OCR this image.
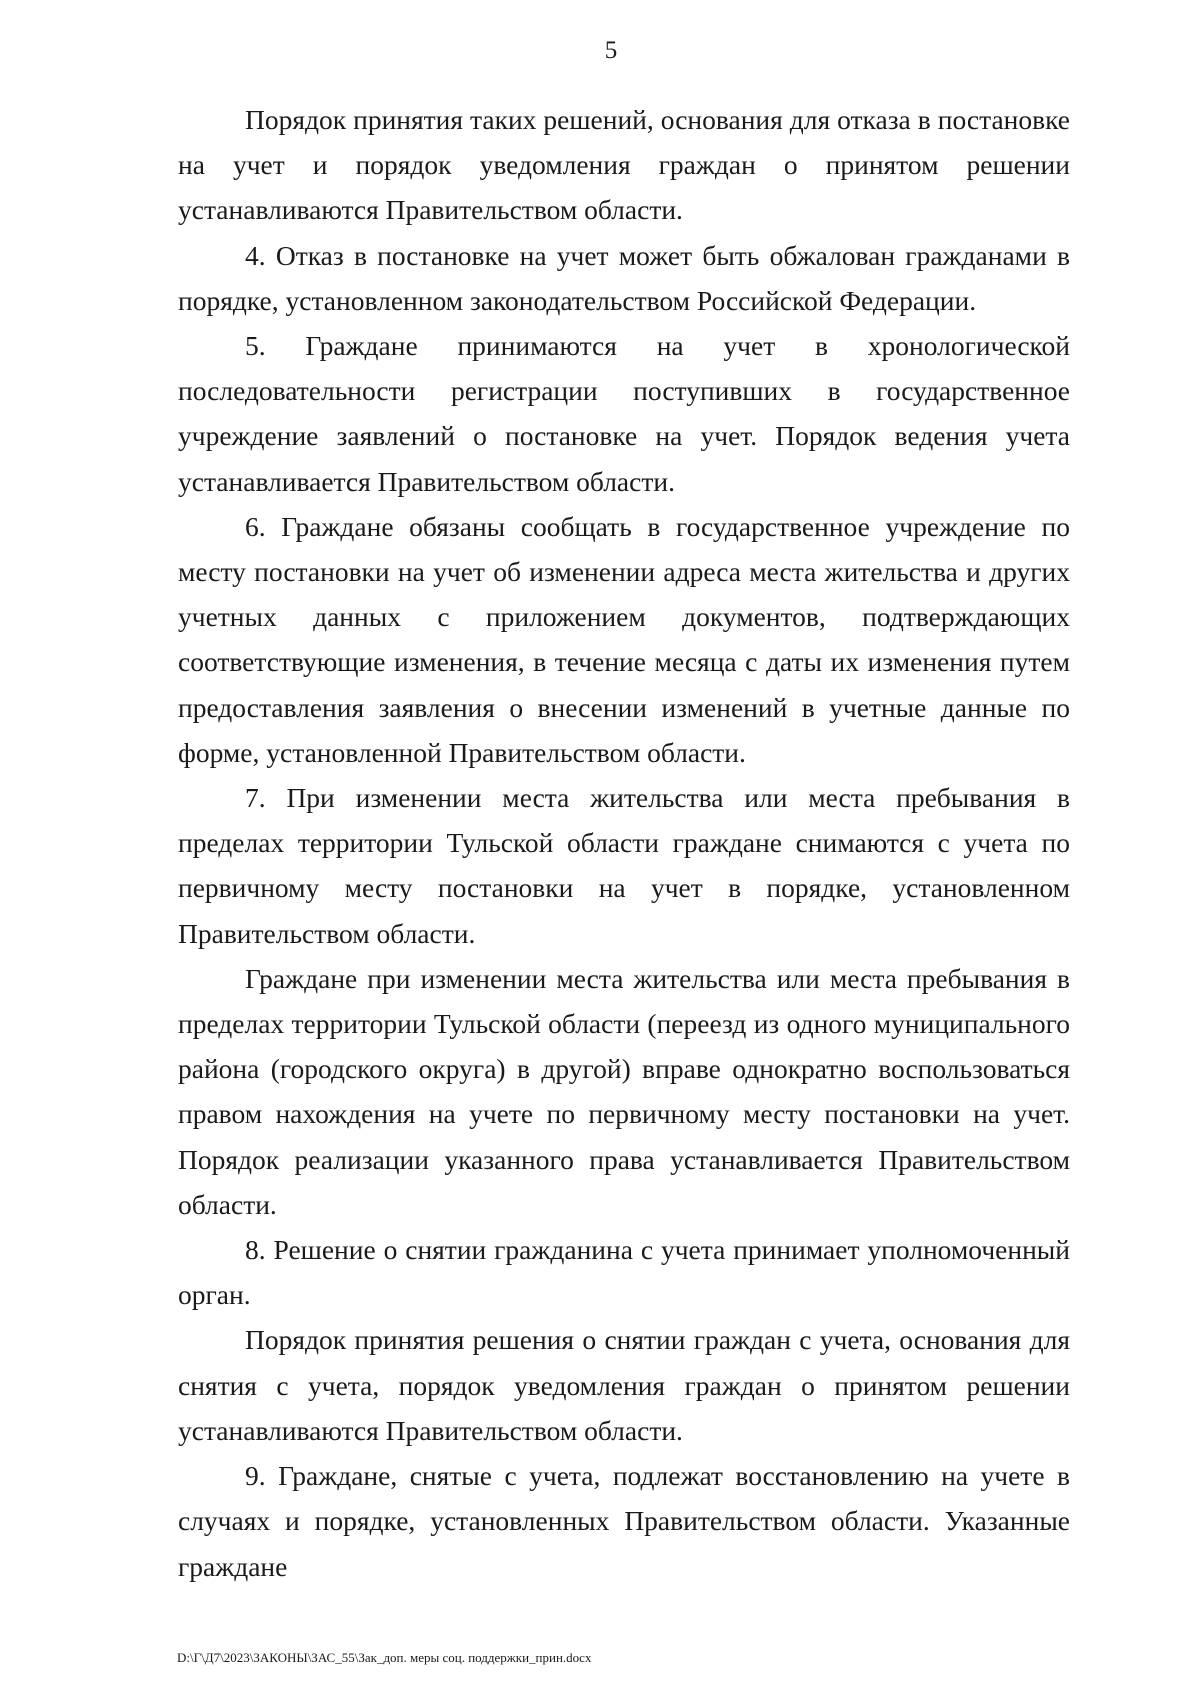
5

Порядок принятия таких решений, основания для отказа в постановке на учет и порядок уведомления граждан о принятом решении устанавливаются Правительством области.

4. Отказ в постановке на учет может быть обжалован гражданами в порядке, установленном законодательством Российской Федерации.

5. Граждане принимаются на учет в хронологической последовательности регистрации поступивших в государственное учреждение заявлений о постановке на учет. Порядок ведения учета устанавливается Правительством области.

6. Граждане обязаны сообщать в государственное учреждение по месту постановки на учет об изменении адреса места жительства и других учетных данных с приложением документов, подтверждающих соответствующие изменения, в течение месяца с даты их изменения путем предоставления заявления о внесении изменений в учетные данные по форме, установленной Правительством области.

7. При изменении места жительства или места пребывания в пределах территории Тульской области граждане снимаются с учета по первичному месту постановки на учет в порядке, установленном Правительством области.

Граждане при изменении места жительства или места пребывания в пределах территории Тульской области (переезд из одного муниципального района (городского округа) в другой) вправе однократно воспользоваться правом нахождения на учете по первичному месту постановки на учет. Порядок реализации указанного права устанавливается Правительством области.

8. Решение о снятии гражданина с учета принимает уполномоченный орган.

Порядок принятия решения о снятии граждан с учета, основания для снятия с учета, порядок уведомления граждан о принятом решении устанавливаются Правительством области.

9. Граждане, снятые с учета, подлежат восстановлению на учете в случаях и порядке, установленных Правительством области. Указанные граждане

D:\Г\Д7\2023\ЗАКОНЫ\ЗАС_55\Зак_доп. меры соц. поддержки_прин.docx
